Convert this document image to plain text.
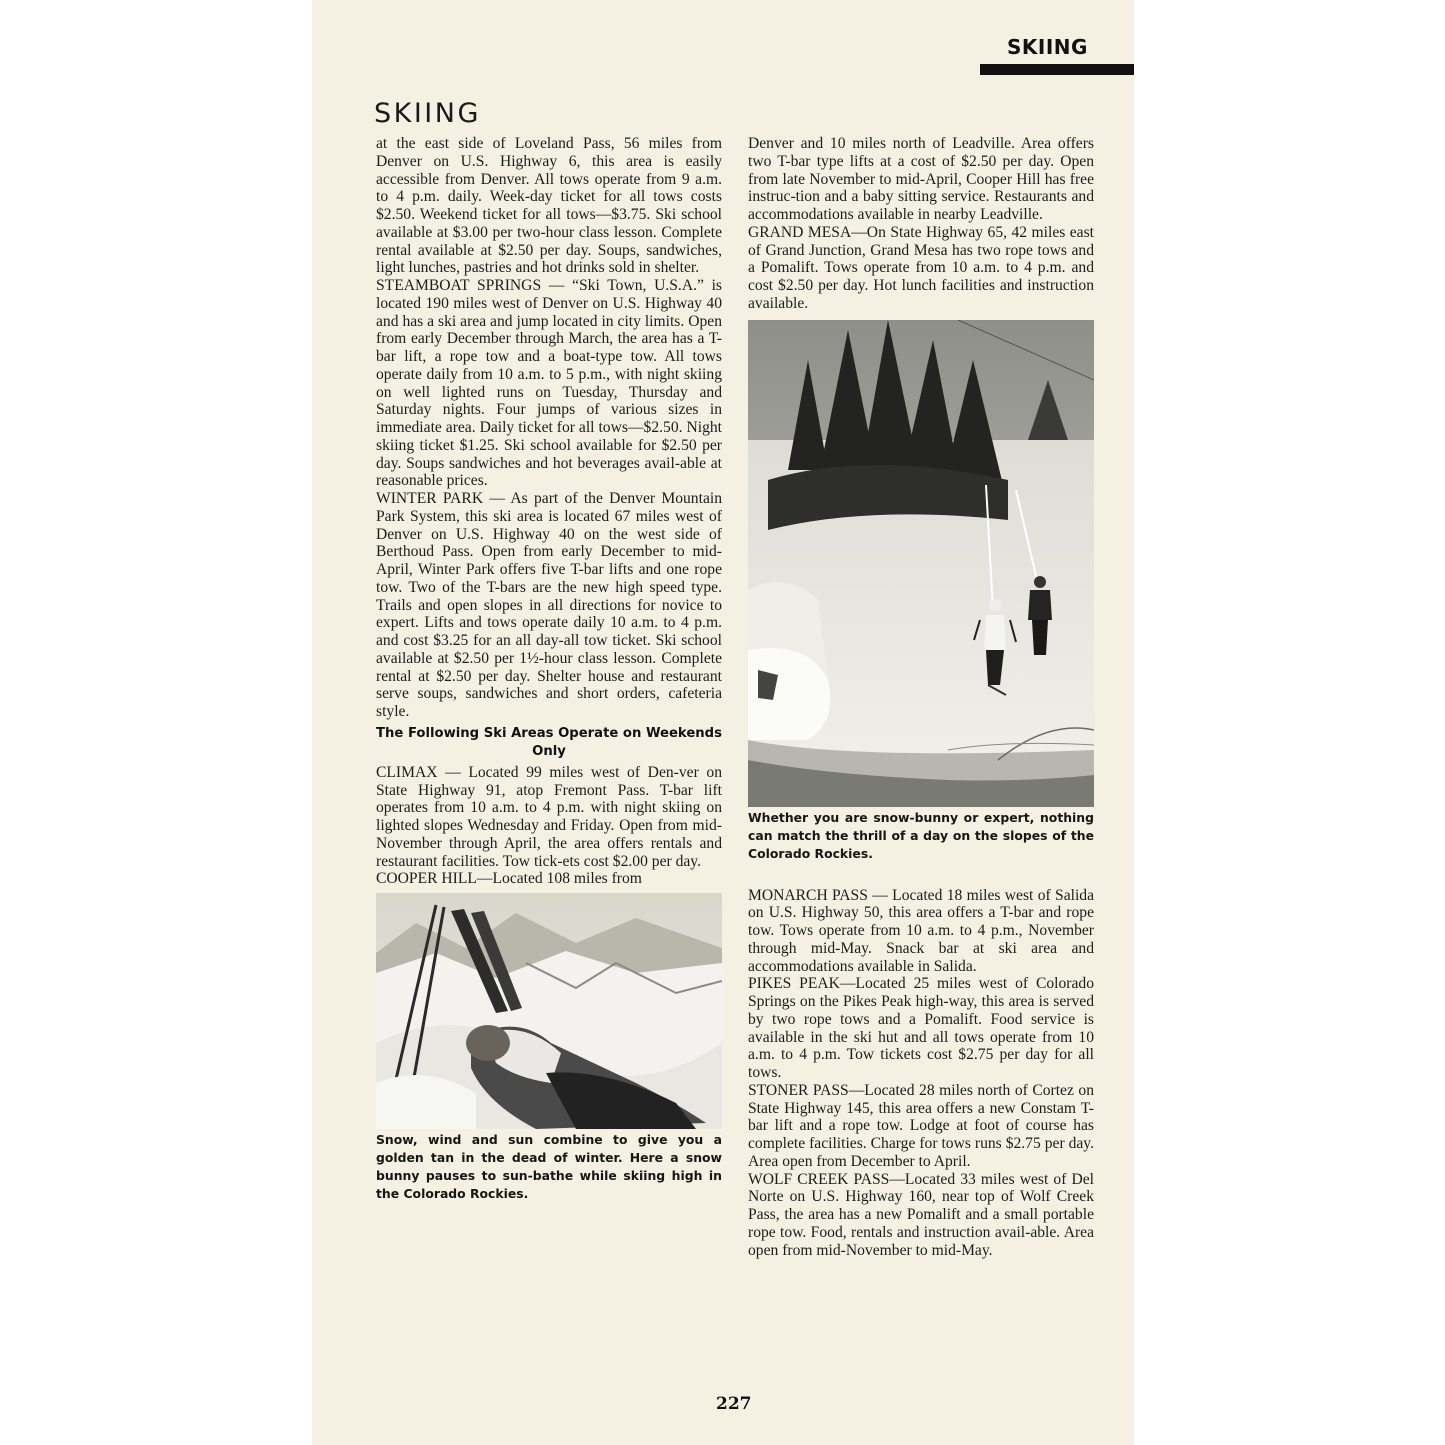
SKIING
SKIING

at the east side of Loveland Pass, 56 miles from Denver on U.S. Highway 6, this area is easily accessible from Denver. All tows operate from 9 a.m. to 4 p.m. daily. Week-day ticket for all tows costs $2.50. Weekend ticket for all tows—$3.75. Ski school available at $3.00 per two-hour class lesson. Complete rental available at $2.50 per day. Soups, sandwiches, light lunches, pastries and hot drinks sold in shelter.

STEAMBOAT SPRINGS — “Ski Town, U.S.A.” is located 190 miles west of Denver on U.S. Highway 40 and has a ski area and jump located in city limits. Open from early December through March, the area has a T-bar lift, a rope tow and a boat-type tow. All tows operate daily from 10 a.m. to 5 p.m., with night skiing on well lighted runs on Tuesday, Thursday and Saturday nights. Four jumps of various sizes in immediate area. Daily ticket for all tows—$2.50. Night skiing ticket $1.25. Ski school available for $2.50 per day. Soups sandwiches and hot beverages avail-able at reasonable prices.

WINTER PARK — As part of the Denver Mountain Park System, this ski area is located 67 miles west of Denver on U.S. Highway 40 on the west side of Berthoud Pass. Open from early December to mid-April, Winter Park offers five T-bar lifts and one rope tow. Two of the T-bars are the new high speed type. Trails and open slopes in all directions for novice to expert. Lifts and tows operate daily 10 a.m. to 4 p.m. and cost $3.25 for an all day-all tow ticket. Ski school available at $2.50 per 1½-hour class lesson. Complete rental at $2.50 per day. Shelter house and restaurant serve soups, sandwiches and short orders, cafeteria style.

The Following Ski Areas Operate on Weekends Only

CLIMAX — Located 99 miles west of Den-ver on State Highway 91, atop Fremont Pass. T-bar lift operates from 10 a.m. to 4 p.m. with night skiing on lighted slopes Wednesday and Friday. Open from mid-November through April, the area offers rentals and restaurant facilities. Tow tick-ets cost $2.00 per day.

COOPER HILL—Located 108 miles from

Snow, wind and sun combine to give you a golden tan in the dead of winter. Here a snow bunny pauses to sun-bathe while skiing high in the Colorado Rockies.

Denver and 10 miles north of Leadville. Area offers two T-bar type lifts at a cost of $2.50 per day. Open from late November to mid-April, Cooper Hill has free instruc-tion and a baby sitting service. Restaurants and accommodations available in nearby Leadville.

GRAND MESA—On State Highway 65, 42 miles east of Grand Junction, Grand Mesa has two rope tows and a Pomalift. Tows operate from 10 a.m. to 4 p.m. and cost $2.50 per day. Hot lunch facilities and instruction available.

Whether you are snow-bunny or expert, nothing can match the thrill of a day on the slopes of the Colorado Rockies.

MONARCH PASS — Located 18 miles west of Salida on U.S. Highway 50, this area offers a T-bar and rope tow. Tows operate from 10 a.m. to 4 p.m., November through mid-May. Snack bar at ski area and accommodations available in Salida.

PIKES PEAK—Located 25 miles west of Colorado Springs on the Pikes Peak high-way, this area is served by two rope tows and a Pomalift. Food service is available in the ski hut and all tows operate from 10 a.m. to 4 p.m. Tow tickets cost $2.75 per day for all tows.

STONER PASS—Located 28 miles north of Cortez on State Highway 145, this area offers a new Constam T-bar lift and a rope tow. Lodge at foot of course has complete facilities. Charge for tows runs $2.75 per day. Area open from December to April.

WOLF CREEK PASS—Located 33 miles west of Del Norte on U.S. Highway 160, near top of Wolf Creek Pass, the area has a new Pomalift and a small portable rope tow. Food, rentals and instruction avail-able. Area open from mid-November to mid-May.

227
